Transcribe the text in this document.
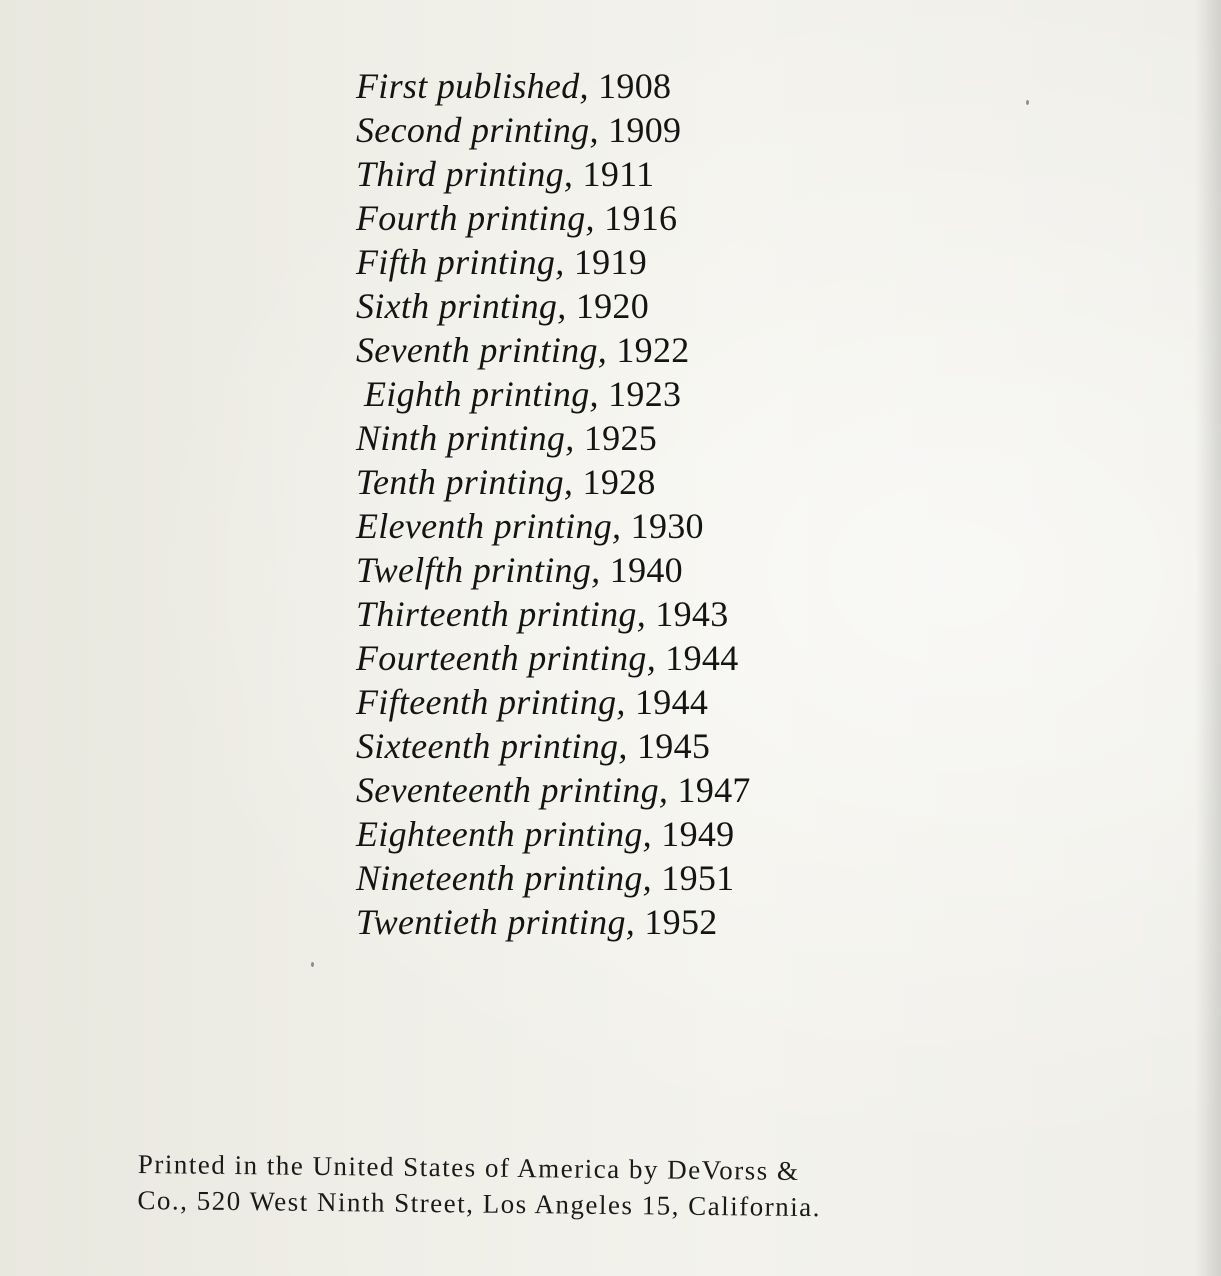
First published, 1908
Second printing, 1909
Third printing, 1911
Fourth printing, 1916
Fifth printing, 1919
Sixth printing, 1920
Seventh printing, 1922
Eighth printing, 1923
Ninth printing, 1925
Tenth printing, 1928
Eleventh printing, 1930
Twelfth printing, 1940
Thirteenth printing, 1943
Fourteenth printing, 1944
Fifteenth printing, 1944
Sixteenth printing, 1945
Seventeenth printing, 1947
Eighteenth printing, 1949
Nineteenth printing, 1951
Twentieth printing, 1952

Printed in the United States of America by DeVorss &
Co., 520 West Ninth Street, Los Angeles 15, California.
